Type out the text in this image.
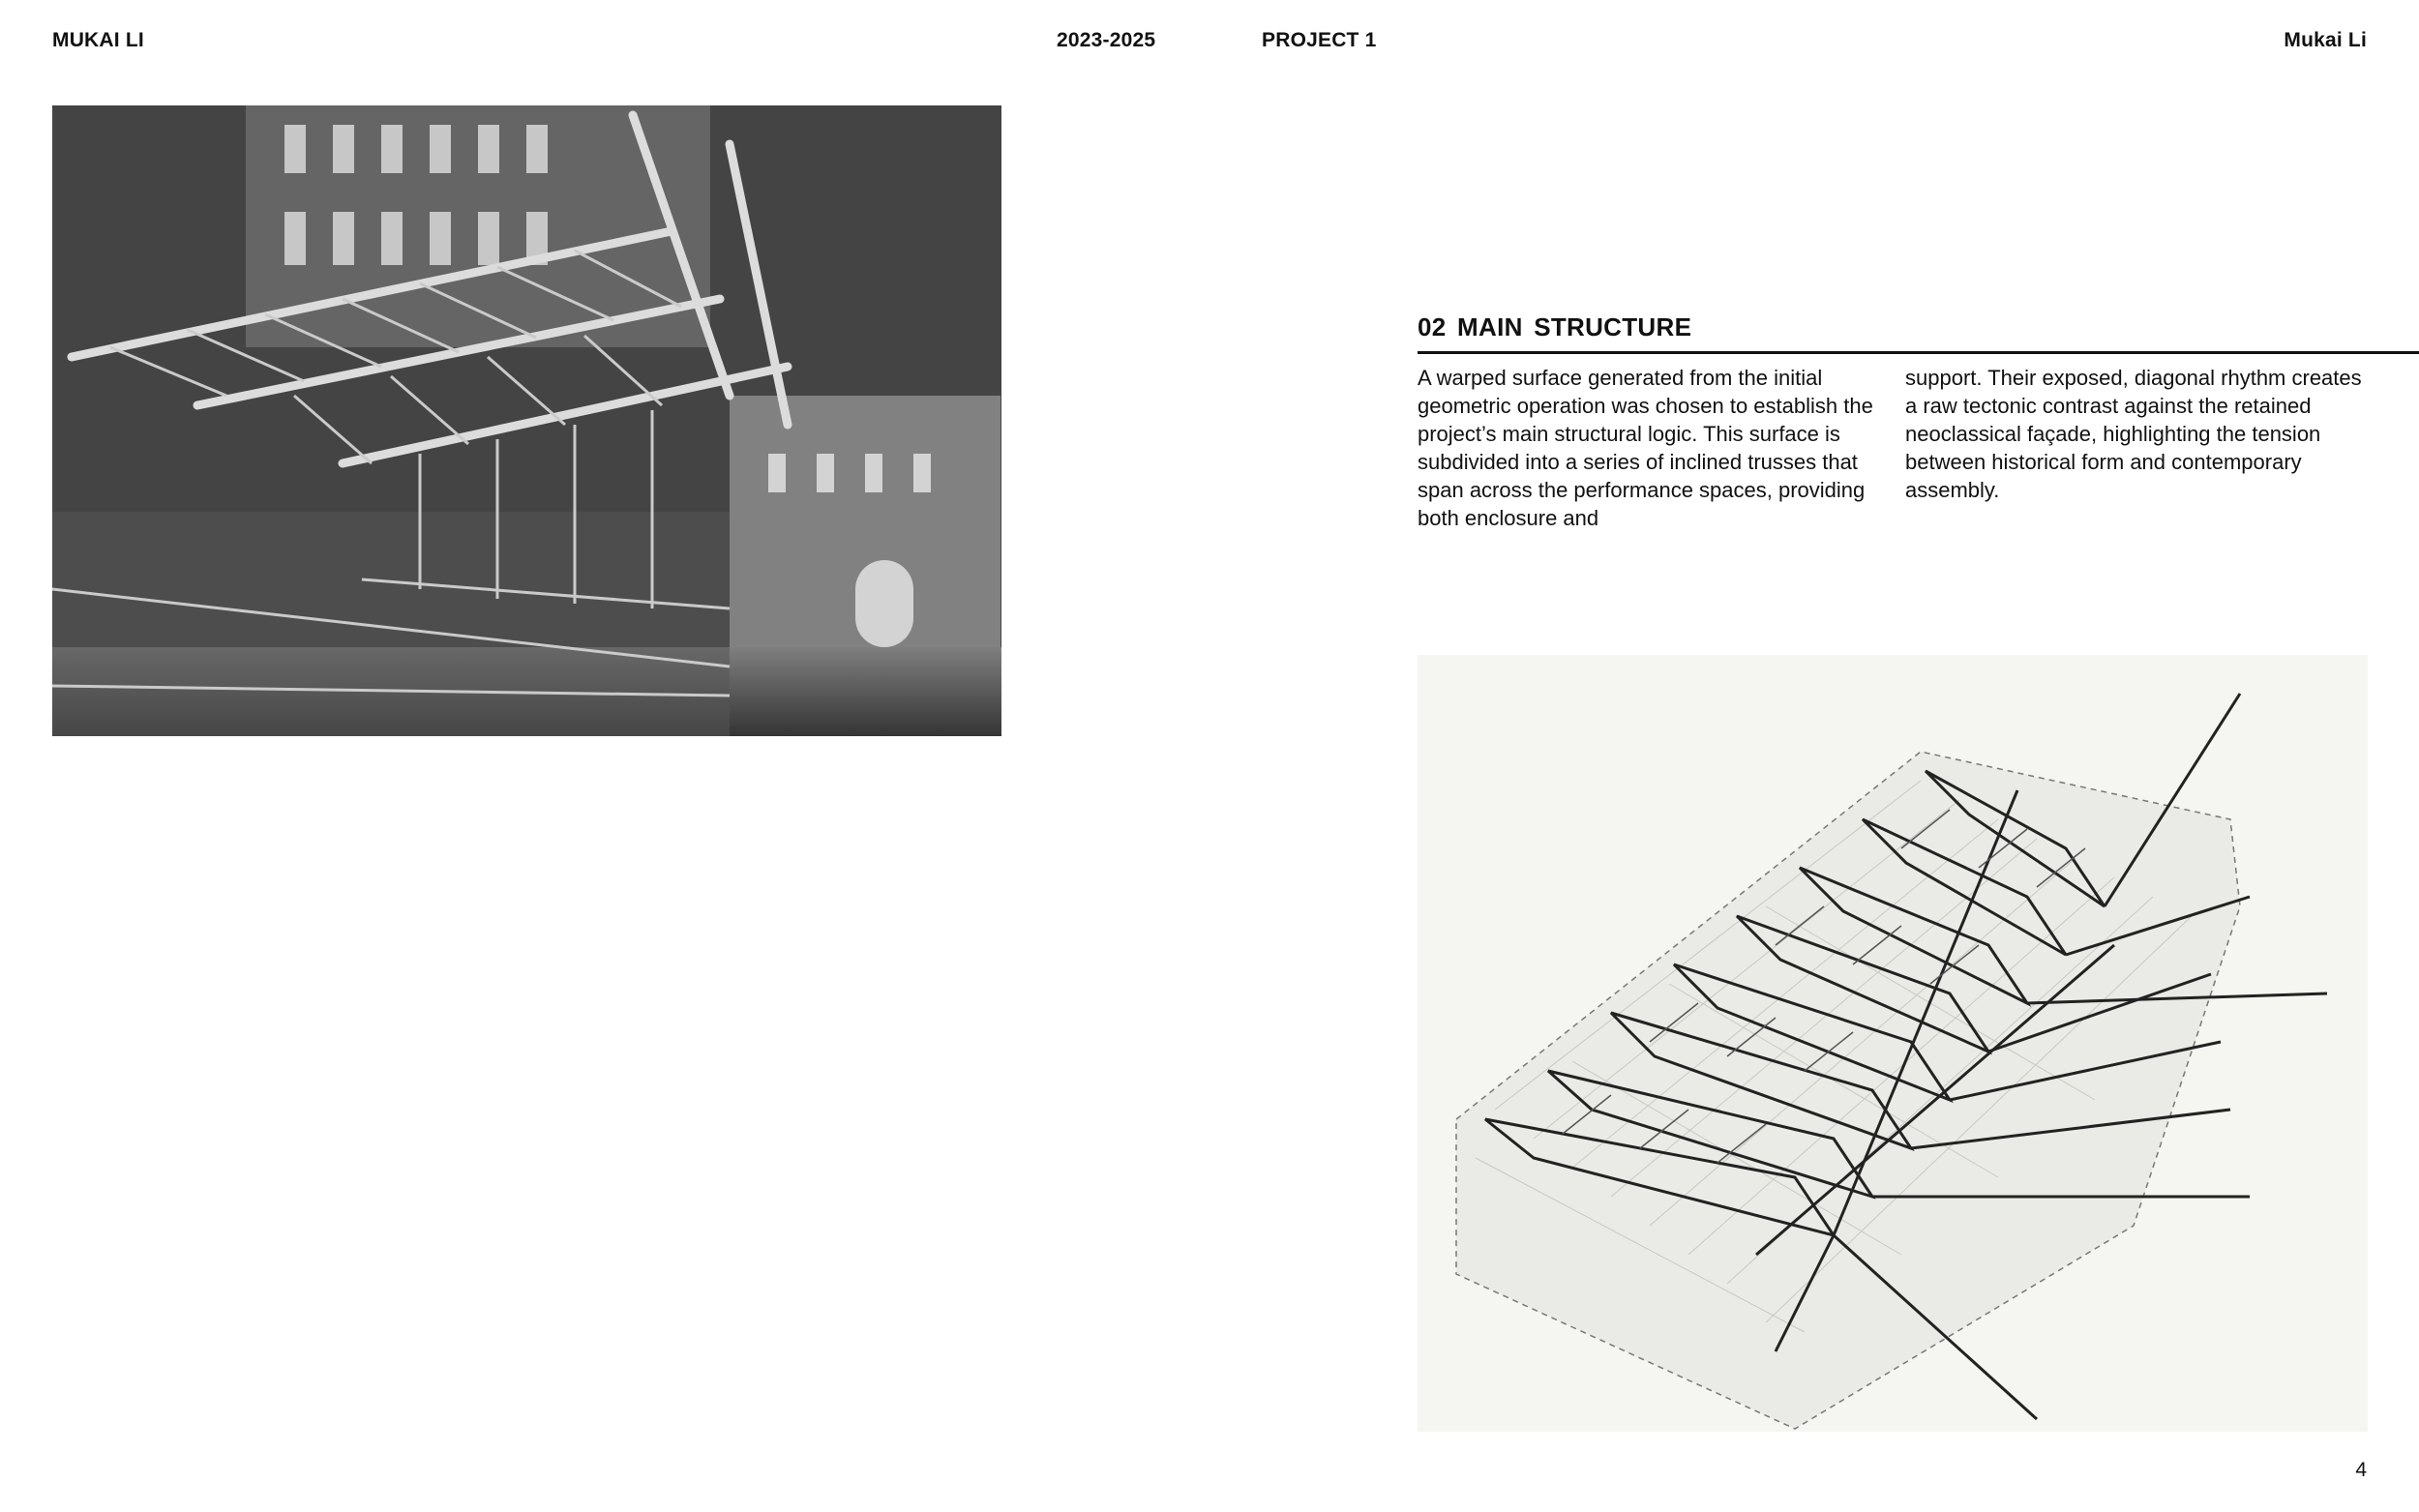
MUKAI LI	2023-2025	PROJECT 1	Mukai Li
02 MAIN STRUCTURE
A warped surface generated from the initial geometric operation was chosen to establish the project’s main structural logic. This surface is subdivided into a series of inclined trusses that span across the performance spaces, providing both enclosure and
support. Their exposed, diagonal rhythm creates a raw tectonic contrast against the retained neoclassical façade, highlighting the tension between historical form and contemporary assembly.
4
